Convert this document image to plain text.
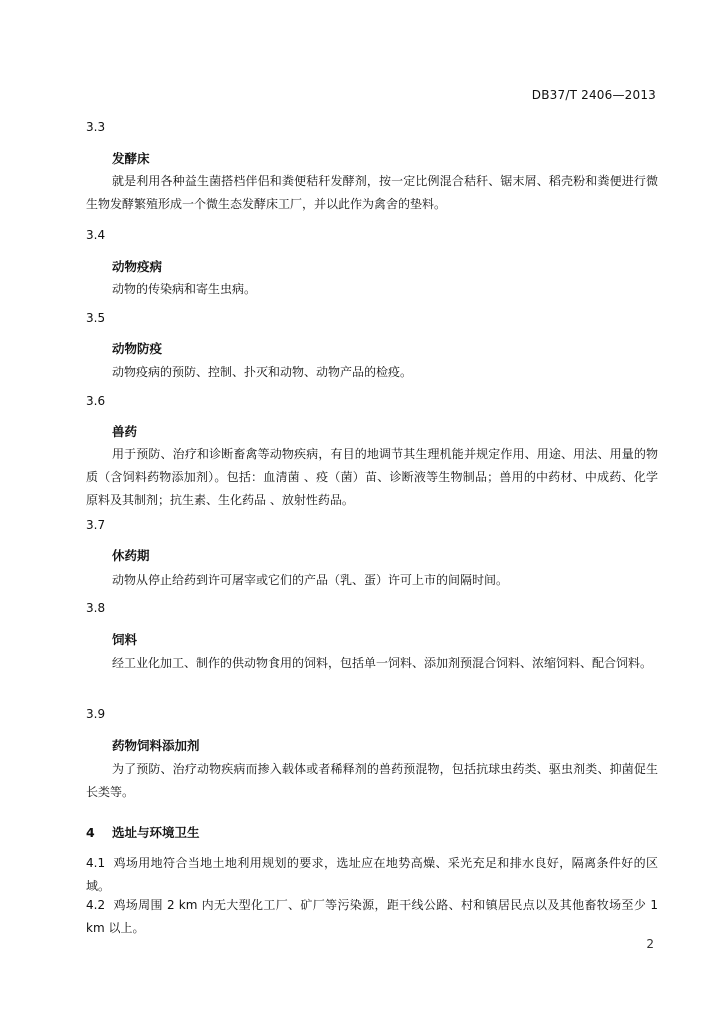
DB37/T 2406—2013
3.3
发酵床
就是利用各种益生菌搭档伴侣和粪便秸秆发酵剂，按一定比例混合秸秆、锯末屑、稻壳粉和粪便进行微生物发酵繁殖形成一个微生态发酵床工厂，并以此作为禽舍的垫料。
3.4
动物疫病
动物的传染病和寄生虫病。
3.5
动物防疫
动物疫病的预防、控制、扑灭和动物、动物产品的检疫。
3.6
兽药
用于预防、治疗和诊断畜禽等动物疾病，有目的地调节其生理机能并规定作用、用途、用法、用量的物质（含饲料药物添加剂）。包括：血清菌 、疫（菌）苗、诊断液等生物制品；兽用的中药材、中成药、化学原料及其制剂；抗生素、生化药品 、放射性药品。
3.7
休药期
动物从停止给药到许可屠宰或它们的产品（乳、蛋）许可上市的间隔时间。
3.8
饲料
经工业化加工、制作的供动物食用的饲料，包括单一饲料、添加剂预混合饲料、浓缩饲料、配合饲料。
3.9
药物饲料添加剂
为了预防、治疗动物疾病而掺入载体或者稀释剂的兽药预混物，包括抗球虫药类、驱虫剂类、抑菌促生长类等。
4 选址与环境卫生
4.1 鸡场用地符合当地土地利用规划的要求，选址应在地势高燥、采光充足和排水良好，隔离条件好的区域。
4.2 鸡场周围 2 km 内无大型化工厂、矿厂等污染源，距干线公路、村和镇居民点以及其他畜牧场至少 1 km 以上。
2
